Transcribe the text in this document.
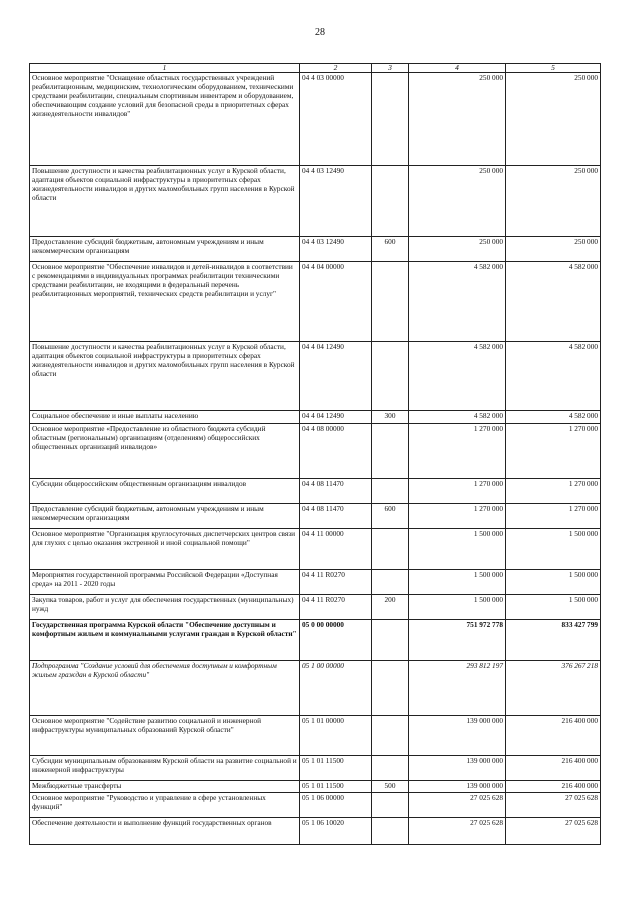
28
1	2	3	4	5
Основное мероприятие "Оснащение областных государственных учреждений реабилитационным, медицинским, технологическим оборудованием, техническими средствами реабилитации, специальным спортивным инвентарем и оборудованием, обеспечивающим создание условий для безопасной среды в приоритетных сферах жизнедеятельности инвалидов"	04 4 03 00000		250 000	250 000
Повышение доступности и качества реабилитационных услуг в Курской области, адаптация объектов социальной инфраструктуры в приоритетных сферах жизнедеятельности инвалидов и других маломобильных групп населения в Курской области	04 4 03 12490		250 000	250 000
Предоставление субсидий бюджетным, автономным учреждениям и иным некоммерческим организациям	04 4 03 12490	600	250 000	250 000
Основное мероприятие "Обеспечение инвалидов и детей-инвалидов в соответствии с рекомендациями в индивидуальных программах реабилитации техническими средствами реабилитации, не входящими в федеральный перечень реабилитационных мероприятий, технических средств реабилитации и услуг"	04 4 04 00000		4 582 000	4 582 000
Повышение доступности и качества реабилитационных услуг в Курской области, адаптация объектов социальной инфраструктуры в приоритетных сферах жизнедеятельности инвалидов и других маломобильных групп населения в Курской области	04 4 04 12490		4 582 000	4 582 000
Социальное обеспечение и иные выплаты населению	04 4 04 12490	300	4 582 000	4 582 000
Основное мероприятие «Предоставление из областного бюджета субсидий областным (региональным) организациям (отделениям) общероссийских общественных организаций инвалидов»	04 4 08 00000		1 270 000	1 270 000
Субсидии общероссийским общественным организациям инвалидов	04 4 08 11470		1 270 000	1 270 000
Предоставление субсидий бюджетным, автономным учреждениям и иным некоммерческим организациям	04 4 08 11470	600	1 270 000	1 270 000
Основное мероприятие "Организация круглосуточных диспетчерских центров связи для глухих с целью оказания экстренной и иной социальной помощи"	04 4 11 00000		1 500 000	1 500 000
Мероприятия государственной программы Российской Федерации «Доступная среда» на 2011 - 2020 годы	04 4 11 R0270		1 500 000	1 500 000
Закупка товаров, работ и услуг для обеспечения государственных (муниципальных) нужд	04 4 11 R0270	200	1 500 000	1 500 000
Государственная программа Курской области "Обеспечение доступным и комфортным жильем и коммунальными услугами граждан в Курской области"	05 0 00 00000		751 972 778	833 427 799
Подпрограмма "Создание условий для обеспечения доступным и комфортным жильем граждан в Курской области"	05 1 00 00000		293 812 197	376 267 218
Основное мероприятие "Содействие развитию социальной и инженерной инфраструктуры муниципальных образований Курской области"	05 1 01 00000		139 000 000	216 400 000
Субсидии муниципальным образованиям Курской области на развитие социальной и инженерной инфраструктуры	05 1 01 11500		139 000 000	216 400 000
Межбюджетные трансферты	05 1 01 11500	500	139 000 000	216 400 000
Основное мероприятие "Руководство и управление в сфере установленных функций"	05 1 06 00000		27 025 628	27 025 628
Обеспечение деятельности и выполнение функций государственных органов	05 1 06 10020		27 025 628	27 025 628
